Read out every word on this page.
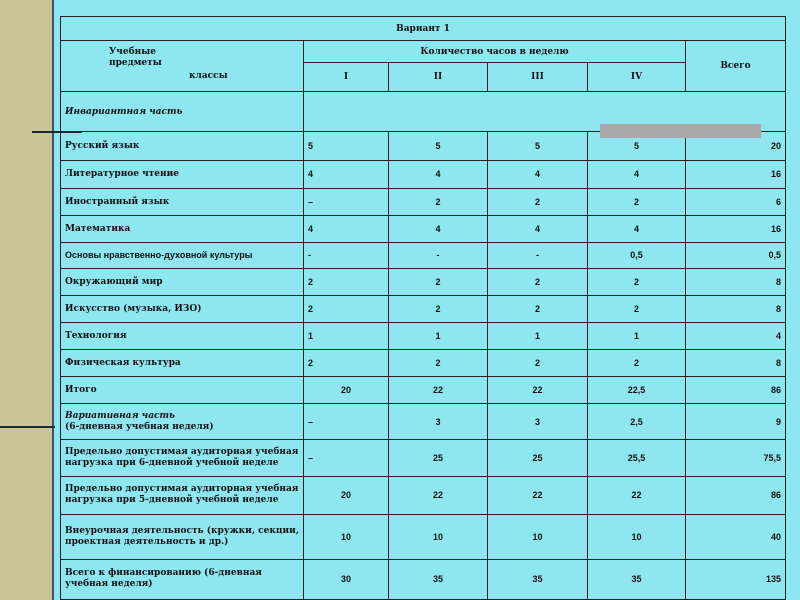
Вариант 1					

Учебные
предметы
классы	Количество часов в неделю				Всего
	I	II	III	IV	
Инвариантная часть					
Русский язык	5	5	5	5	20
Литературное чтение	4	4	4	4	16
Иностранный язык	–	2	2	2	6
Математика	4	4	4	4	16
Основы нравственно-духовной культуры	-	-	-	0,5	0,5
Окружающий мир	2	2	2	2	8
Искусство (музыка, ИЗО)	2	2	2	2	8
Технология	1	1	1	1	4
Физическая культура	2	2	2	2	8
Итого	20	22	22	22,5	86

Вариативная часть
(6-дневная учебная неделя)	–	3	3	2,5	9

Предельно допустимая аудиторная учебная
нагрузка при 6-дневной учебной неделе	–	25	25	25,5	75,5

Предельно допустимая аудиторная учебная
нагрузка при 5-дневной учебной неделе	20	22	22	22	86

Внеурочная деятельность (кружки, секции,
проектная деятельность и др.)	10	10	10	10	40

Всего к финансированию (6-дневная
учебная неделя)	30	35	35	35	135
